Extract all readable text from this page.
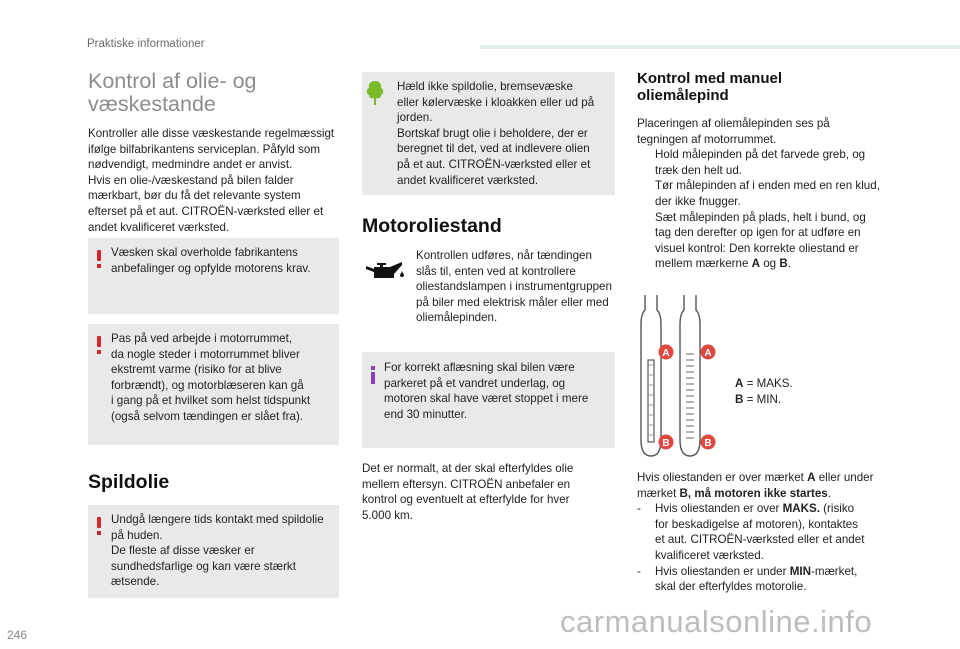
Praktiske informationer
Kontrol af olie- og væskestande
Kontroller alle disse væskestande regelmæssigt
ifølge bilfabrikantens serviceplan. Påfyld som
nødvendigt, medmindre andet er anvist.
Hvis en olie-/væskestand på bilen falder
mærkbart, bør du få det relevante system
efterset på et aut. CITROËN-værksted eller et
andet kvalificeret værksted.
Væsken skal overholde fabrikantens
anbefalinger og opfylde motorens krav.
Pas på ved arbejde i motorrummet,
da nogle steder i motorrummet bliver
ekstremt varme (risiko for at blive
forbrændt), og motorblæseren kan gå
i gang på et hvilket som helst tidspunkt
(også selvom tændingen er slået fra).
Spildolie
Undgå længere tids kontakt med spildolie
på huden.
De fleste af disse væsker er
sundhedsfarlige og kan være stærkt
ætsende.
Hæld ikke spildolie, bremsevæske
eller kølervæske i kloakken eller ud på
jorden.
Bortskaf brugt olie i beholdere, der er
beregnet til det, ved at indlevere olien
på et aut. CITROËN-værksted eller et
andet kvalificeret værksted.
Motoroliestand
Kontrollen udføres, når tændingen
slås til, enten ved at kontrollere
oliestandslampen i instrumentgruppen
på biler med elektrisk måler eller med
oliemålepinden.
For korrekt aflæsning skal bilen være
parkeret på et vandret underlag, og
motoren skal have været stoppet i mere
end 30 minutter.
Det er normalt, at der skal efterfyldes olie
mellem eftersyn. CITROËN anbefaler en
kontrol og eventuelt at efterfylde for hver
5.000 km.
Kontrol med manuel
oliemålepind
Placeringen af oliemålepinden ses på
tegningen af motorrummet.
Hold målepinden på det farvede greb, og
træk den helt ud.
Tør målepinden af i enden med en ren klud,
der ikke fnugger.
Sæt målepinden på plads, helt i bund, og
tag den derefter op igen for at udføre en
visuel kontrol: Den korrekte oliestand er
mellem mærkerne A og B.
A	A
B	B
A = MAKS.
B = MIN.
Hvis oliestanden er over mærket A eller under
mærket B, må motoren ikke startes.
- Hvis oliestanden er over MAKS. (risiko
for beskadigelse af motoren), kontaktes
et aut. CITROËN-værksted eller et andet
kvalificeret værksted.
- Hvis oliestanden er under MIN-mærket,
skal der efterfyldes motorolie.
246	carmanualsonline.info
